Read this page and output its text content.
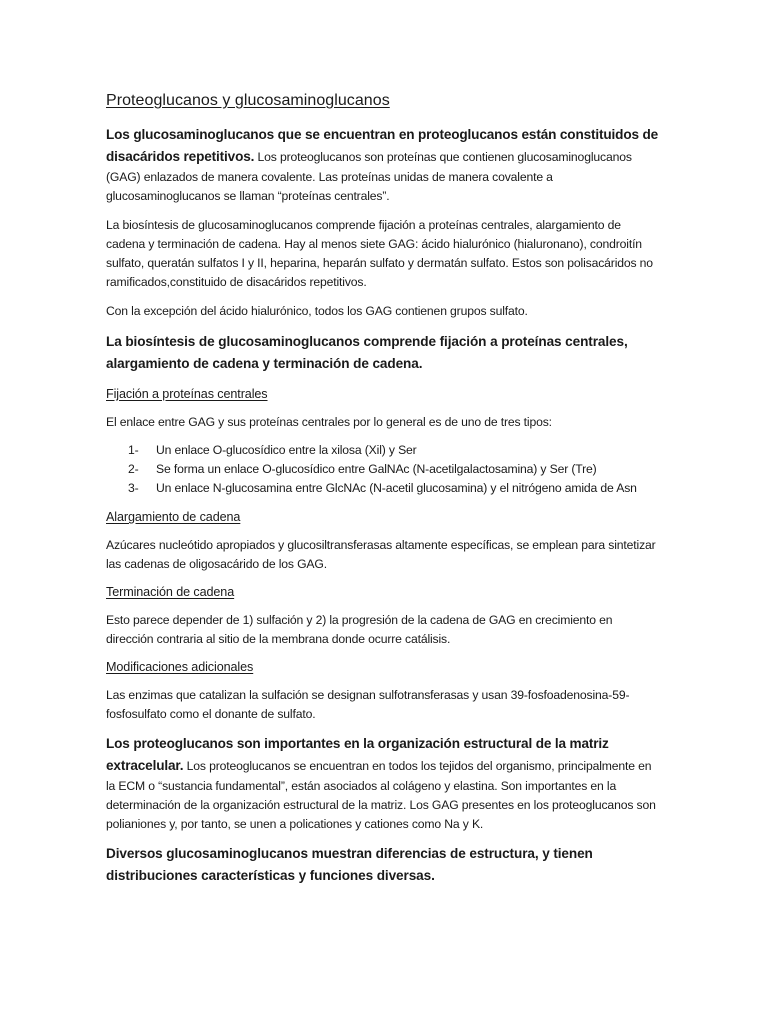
Proteoglucanos y glucosaminoglucanos

Los glucosaminoglucanos que se encuentran en proteoglucanos están constituidos de disacáridos repetitivos. Los proteoglucanos son proteínas que contienen glucosaminoglucanos (GAG) enlazados de manera covalente. Las proteínas unidas de manera covalente a glucosaminoglucanos se llaman “proteínas centrales”.

La biosíntesis de glucosaminoglucanos comprende fijación a proteínas centrales, alargamiento de cadena y terminación de cadena. Hay al menos siete GAG: ácido hialurónico (hialuronano), condroitín sulfato, queratán sulfatos I y II, heparina, heparán sulfato y dermatán sulfato. Estos son polisacáridos no ramificados,constituido de disacáridos repetitivos.

Con la excepción del ácido hialurónico, todos los GAG contienen grupos sulfato.

La biosíntesis de glucosaminoglucanos comprende fijación a proteínas centrales, alargamiento de cadena y terminación de cadena.

Fijación a proteínas centrales

El enlace entre GAG y sus proteínas centrales por lo general es de uno de tres tipos:

1-	Un enlace O-glucosídico entre la xilosa (Xil) y Ser
2-	Se forma un enlace O-glucosídico entre GalNAc (N-acetilgalactosamina) y Ser (Tre)
3-	Un enlace N-glucosamina entre GlcNAc (N-acetil glucosamina) y el nitrógeno amida de Asn

Alargamiento de cadena

Azúcares nucleótido apropiados y glucosiltransferasas altamente específicas, se emplean para sintetizar las cadenas de oligosacárido de los GAG.

Terminación de cadena

Esto parece depender de 1) sulfación y 2) la progresión de la cadena de GAG en crecimiento en dirección contraria al sitio de la membrana donde ocurre catálisis.

Modificaciones adicionales

Las enzimas que catalizan la sulfación se designan sulfotransferasas y usan 39-fosfoadenosina-59-fosfosulfato como el donante de sulfato.

Los proteoglucanos son importantes en la organización estructural de la matriz extracelular. Los proteoglucanos se encuentran en todos los tejidos del organismo, principalmente en la ECM o “sustancia fundamental”, están asociados al colágeno y elastina. Son importantes en la determinación de la organización estructural de la matriz. Los GAG presentes en los proteoglucanos son polianiones y, por tanto, se unen a policationes y cationes como Na y K.

Diversos glucosaminoglucanos muestran diferencias de estructura, y tienen distribuciones características y funciones diversas.
